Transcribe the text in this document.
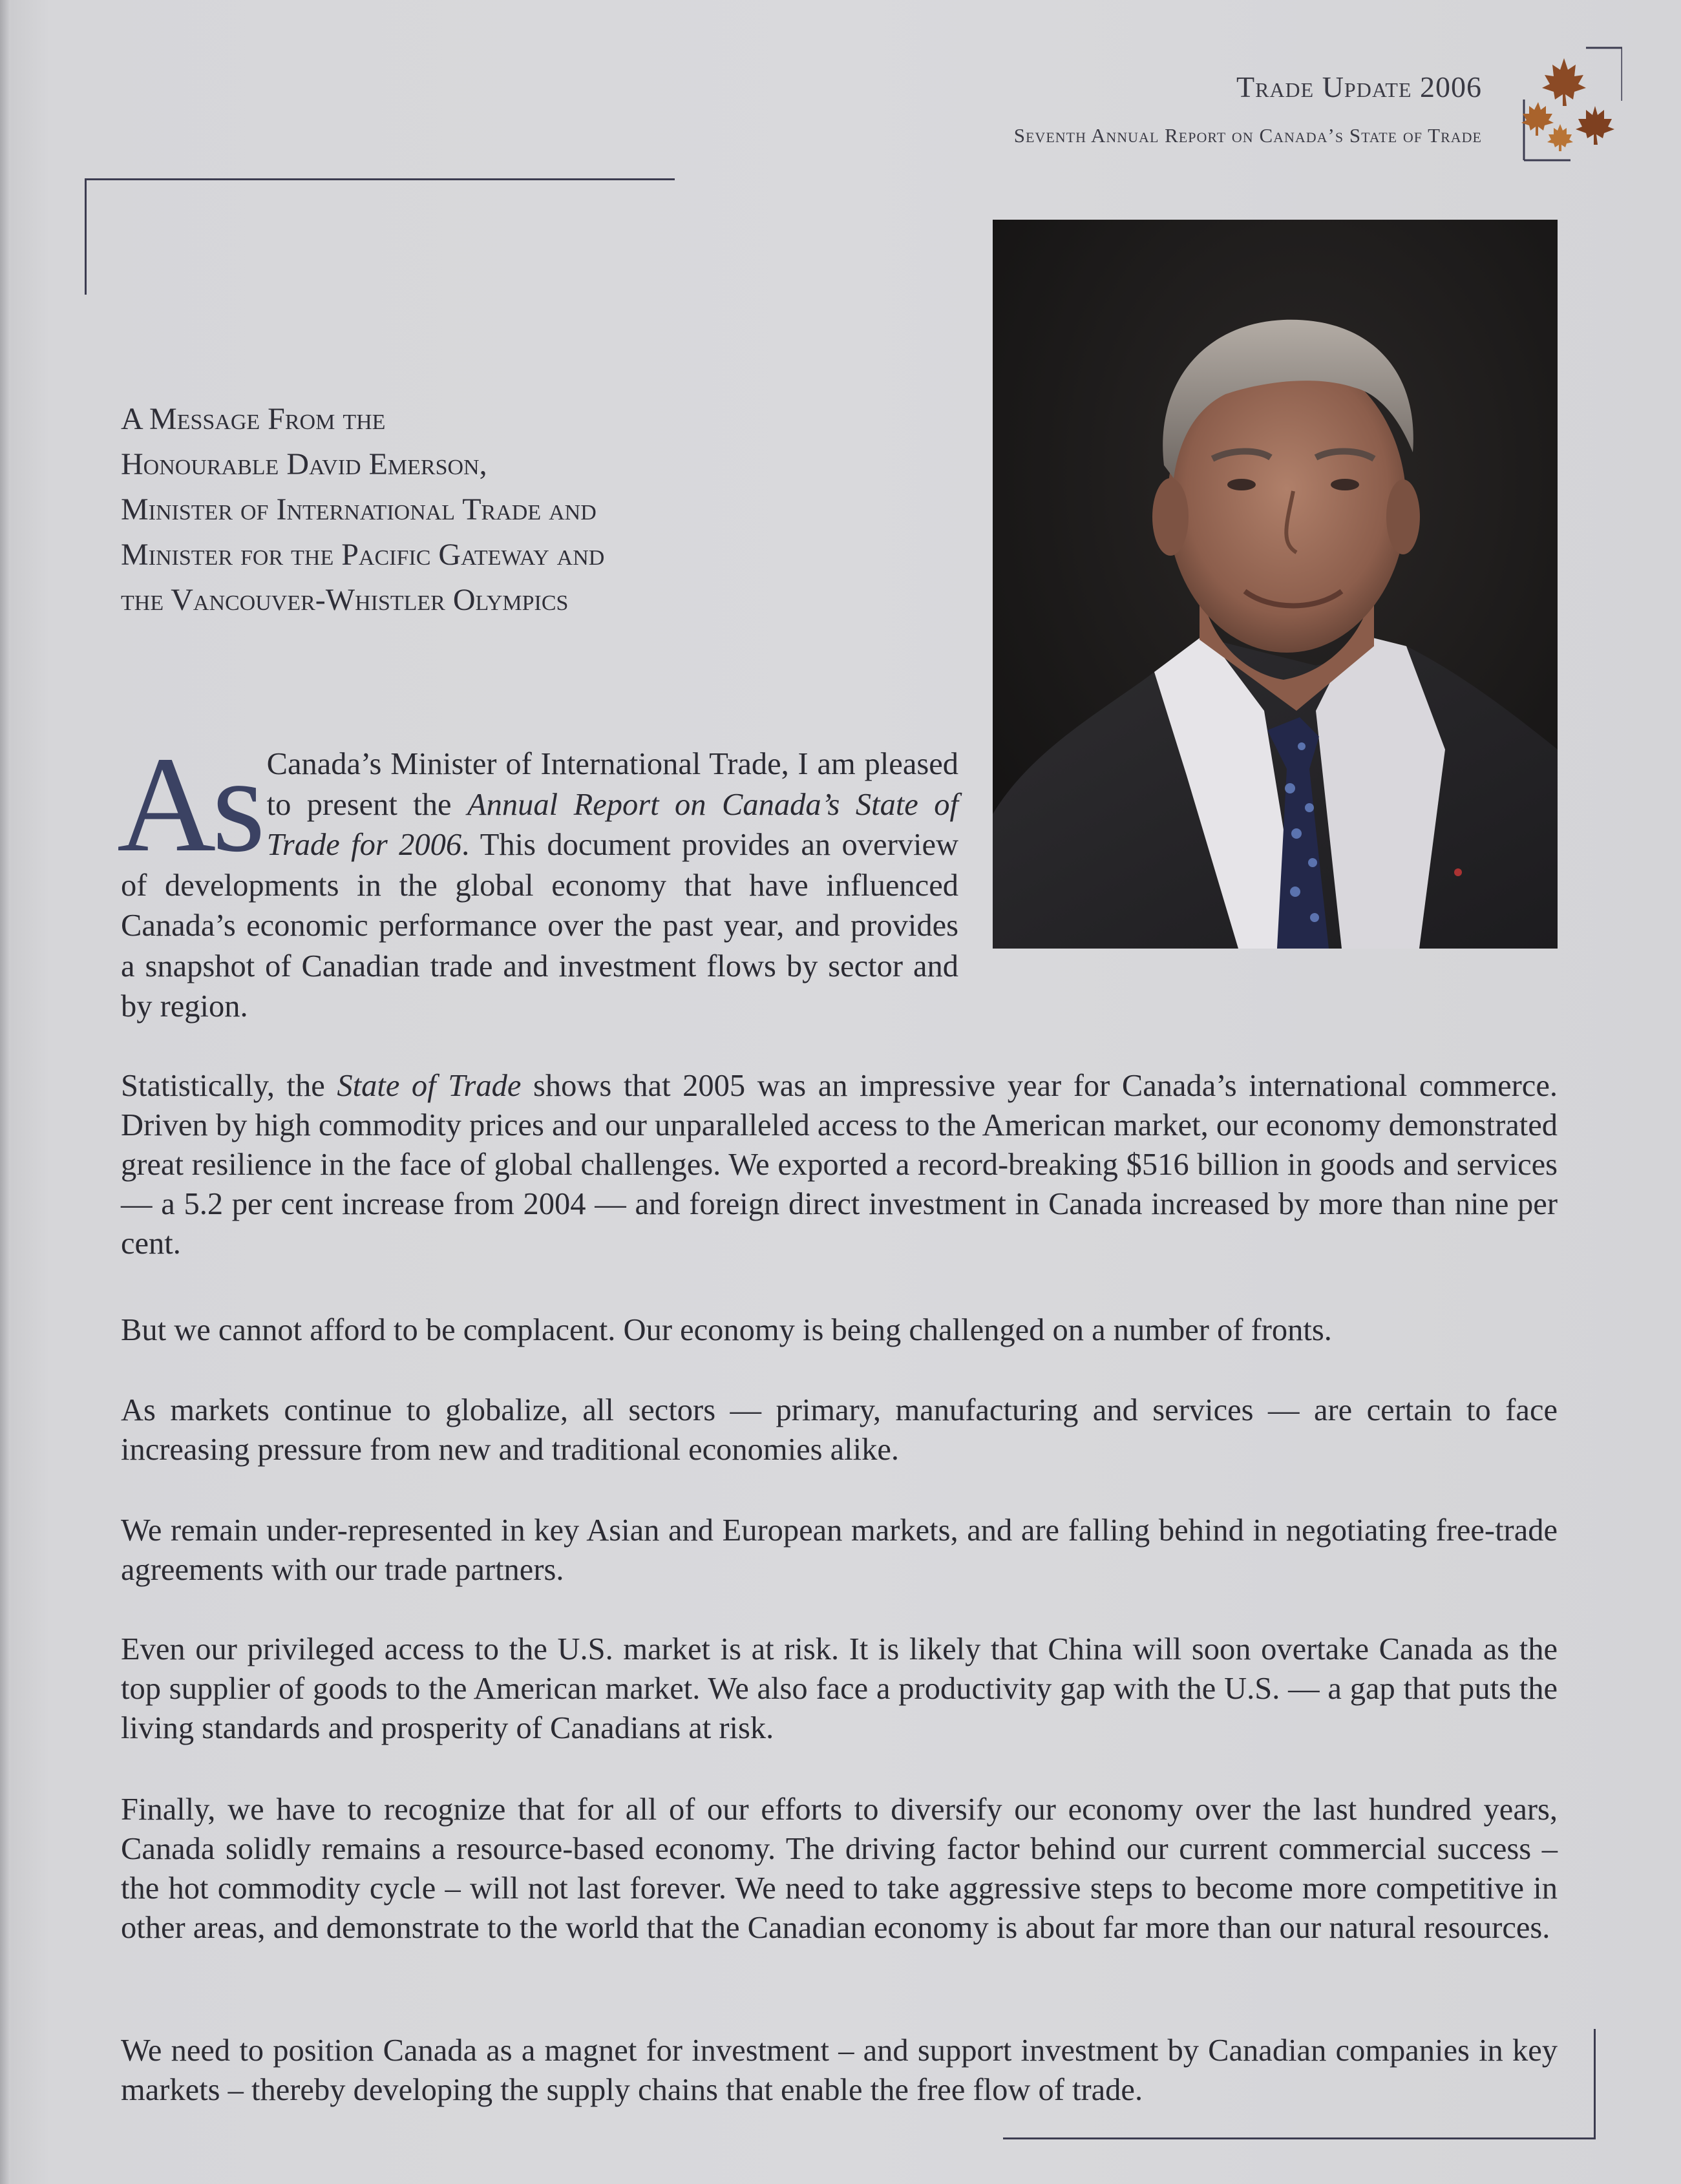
Trade Update 2006
Seventh Annual Report on Canada’s State of Trade
A Message From the
Honourable David Emerson,
Minister of International Trade and
Minister for the Pacific Gateway and
the Vancouver-Whistler Olympics
As Canada’s Minister of International Trade, I am pleased to present the Annual Report on Canada’s State of Trade for 2006. This document provides an overview of developments in the global economy that have influenced Canada’s economic performance over the past year, and provides a snapshot of Canadian trade and investment flows by sector and by region.
Statistically, the State of Trade shows that 2005 was an impressive year for Canada’s international commerce. Driven by high commodity prices and our unparalleled access to the American market, our economy demonstrated great resilience in the face of global challenges. We exported a record-breaking $516 billion in goods and services — a 5.2 per cent increase from 2004 — and foreign direct investment in Canada increased by more than nine per cent.
But we cannot afford to be complacent. Our economy is being challenged on a number of fronts.
As markets continue to globalize, all sectors — primary, manufacturing and services — are certain to face increasing pressure from new and traditional economies alike.
We remain under-represented in key Asian and European markets, and are falling behind in negotiating free-trade agreements with our trade partners.
Even our privileged access to the U.S. market is at risk. It is likely that China will soon overtake Canada as the top supplier of goods to the American market. We also face a productivity gap with the U.S. — a gap that puts the living standards and prosperity of Canadians at risk.
Finally, we have to recognize that for all of our efforts to diversify our economy over the last hundred years, Canada solidly remains a resource-based economy. The driving factor behind our current commercial success – the hot commodity cycle – will not last forever. We need to take aggressive steps to become more competitive in other areas, and demonstrate to the world that the Canadian economy is about far more than our natural resources.
We need to position Canada as a magnet for investment – and support investment by Canadian companies in key markets – thereby developing the supply chains that enable the free flow of trade.
